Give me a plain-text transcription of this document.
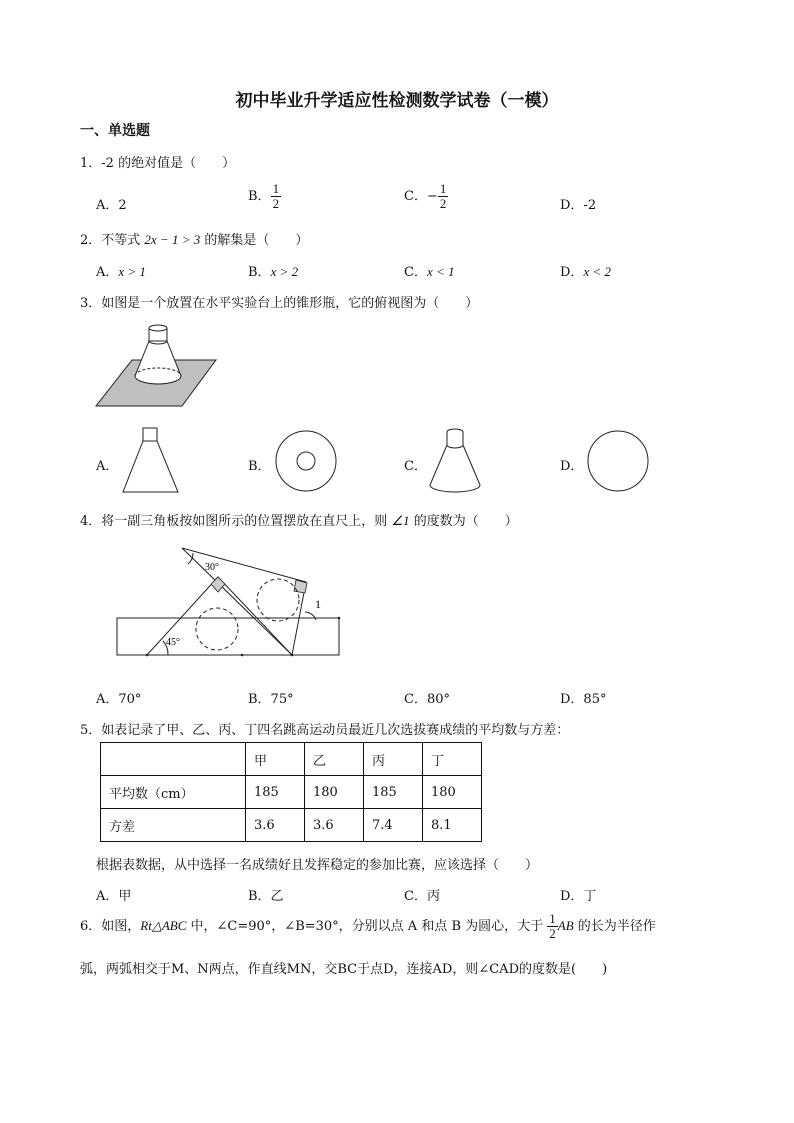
初中毕业升学适应性检测数学试卷（一模）
一、单选题
1．-2 的绝对值是（　　）
A．2
B． $\frac{1}{2}$	C．− $\frac{1}{2}$	D．-2
2．不等式 2x − 1 > 3 的解集是（　　）
A．x > 1	B．x > 2	C．x < 1	D．x < 2
3．如图是一个放置在水平实验台上的锥形瓶，它的俯视图为（　　）
A．	B．	C．	D．
4．将一副三角板按如图所示的位置摆放在直尺上，则 ∠1 的度数为（　　）
30°
45°
1
A．70°	B．75°	C．80°	D．85°
5．如表记录了甲、乙、丙、丁四名跳高运动员最近几次选拔赛成绩的平均数与方差：
	甲	乙	丙	丁
平均数（cm）	185	180	185	180
方差	3.6	3.6	7.4	8.1
根据表数据，从中选择一名成绩好且发挥稳定的参加比赛，应该选择（　　）
A．甲	B．乙	C．丙	D．丁
6．如图，Rt△ABC 中，∠C=90°，∠B=30°，分别以点 A 和点 B 为圆心，大于 $\frac{1}{2}$ AB 的长为半径作
弧，两弧相交于M、N两点，作直线MN，交BC于点D，连接AD，则∠CAD的度数是(　　)
